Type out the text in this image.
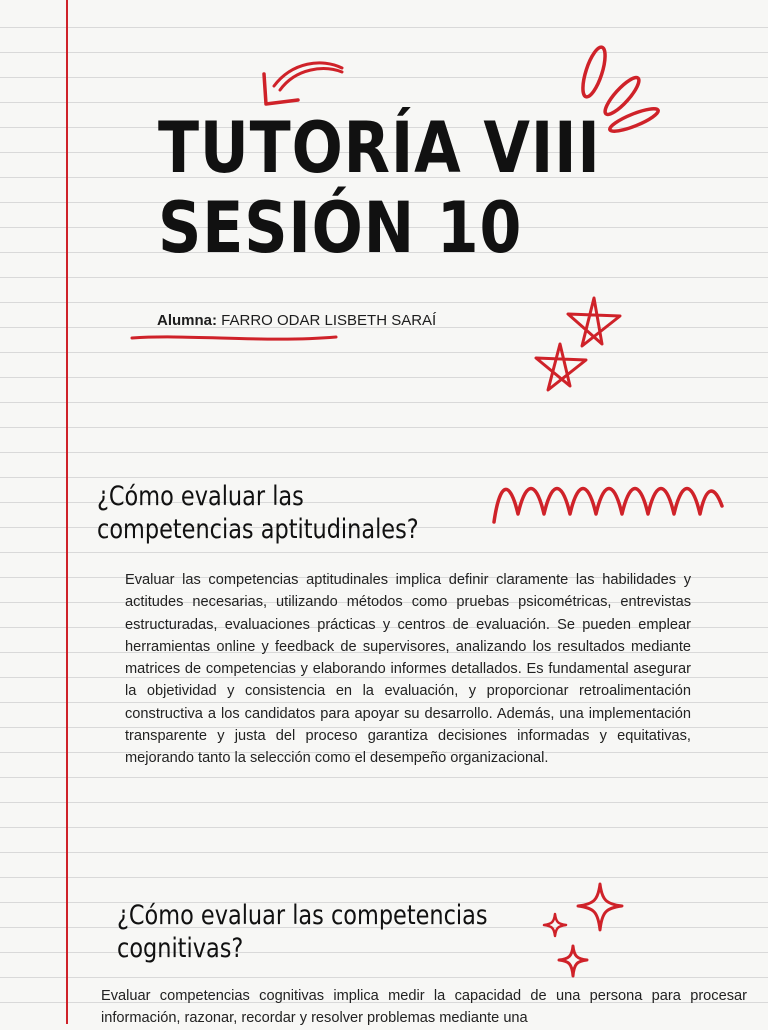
TUTORÍA VIII
SESIÓN 10
Alumna: FARRO ODAR LISBETH SARAÍ
¿Cómo evaluar las
competencias aptitudinales?

Evaluar las competencias aptitudinales implica definir claramente las habilidades y actitudes necesarias, utilizando métodos como pruebas psicométricas, entrevistas estructuradas, evaluaciones prácticas y centros de evaluación. Se pueden emplear herramientas online y feedback de supervisores, analizando los resultados mediante matrices de competencias y elaborando informes detallados. Es fundamental asegurar la objetividad y consistencia en la evaluación, y proporcionar retroalimentación constructiva a los candidatos para apoyar su desarrollo. Además, una implementación transparente y justa del proceso garantiza decisiones informadas y equitativas, mejorando tanto la selección como el desempeño organizacional.

¿Cómo evaluar las competencias
cognitivas?

Evaluar competencias cognitivas implica medir la capacidad de una persona para procesar información, razonar, recordar y resolver problemas mediante una
